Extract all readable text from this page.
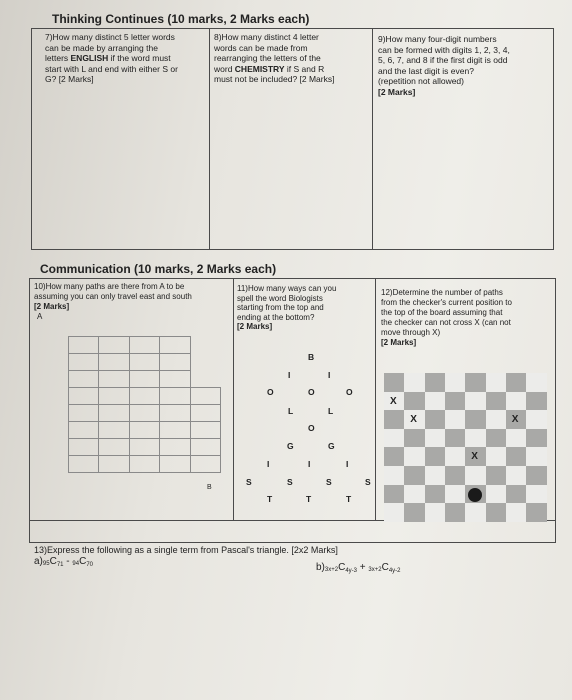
Thinking Continues (10 marks, 2 Marks each)
7)How many distinct 5 letter words
can be made by arranging the
letters ENGLISH if the word must
start with L and end with either S or
G? [2 Marks]
8)How many distinct 4 letter
words can be made from
rearranging the letters of the
word CHEMISTRY if S and R
must not be included? [2 Marks]
9)How many four-digit numbers
can be formed with digits 1, 2, 3, 4,
5, 6, 7, and 8 if the first digit is odd
and the last digit is even?
(repetition not allowed)
[2 Marks]
Communication (10 marks, 2 Marks each)
10)How many paths are there from A to be
assuming you can only travel east and south
[2 Marks]
A
B
11)How many ways can you
spell the word Biologists
starting from the top and
ending at the bottom?
[2 Marks]
B
I	I
O	O	O
L	L
O
G	G
I	I	I
S	S	S	S
T	T	T
12)Determine the number of paths
from the checker's current position to
the top of the board assuming that
the checker can not cross X (can not
move through X)
[2 Marks]
X
X	X
X
13)Express the following as a single term from Pascal's triangle. [2x2 Marks]
$a)95C_{71} - 94C_{70}$	$b)3x+2C_{4y-3} + 3x+2C_{4y-2}$
